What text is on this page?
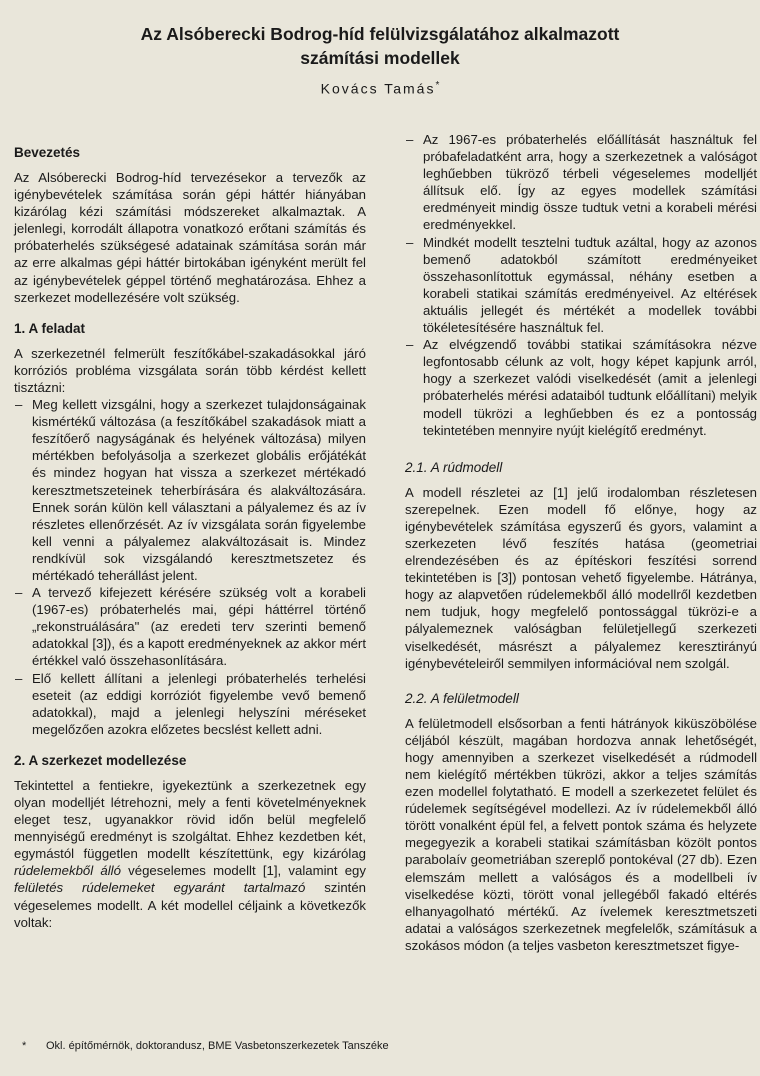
Az Alsóberecki Bodrog-híd felülvizsgálatához alkalmazott
számítási modellek
Kovács Tamás*
Bevezetés

Az Alsóberecki Bodrog-híd tervezésekor a tervezők az igénybevételek számítása során gépi háttér hiányában kizárólag kézi számítási módszereket alkalmaztak. A jelenlegi, korrodált állapotra vonatkozó erőtani számítás és próbaterhelés szükségesé adatainak számítása során már az erre alkalmas gépi háttér birtokában igényként merült fel az igénybevételek géppel történő meghatározása. Ehhez a szerkezet modellezésére volt szükség.

1. A feladat

A szerkezetnél felmerült feszítőkábel-szakadásokkal járó korróziós probléma vizsgálata során több kérdést kellett tisztázni:

– Meg kellett vizsgálni, hogy a szerkezet tulajdonságainak kismértékű változása (a feszítőkábel szakadások miatt a feszítőerő nagyságának és helyének változása) milyen mértékben befolyásolja a szerkezet globális erőjátékát és mindez hogyan hat vissza a szerkezet mértékadó keresztmetszeteinek teherbírására és alakváltozására. Ennek során külön kell választani a pályalemez és az ív részletes ellenőrzését. Az ív vizsgálata során figyelembe kell venni a pályalemez alakváltozásait is. Mindez rendkívül sok vizsgálandó keresztmetszetez és mértékadó teherállást jelent.
– A tervező kifejezett kérésére szükség volt a korabeli (1967-es) próbaterhelés mai, gépi háttérrel történő „rekonstruálására" (az eredeti terv szerinti bemenő adatokkal [3]), és a kapott eredményeknek az akkor mért értékkel való összehasonlítására.
– Elő kellett állítani a jelenlegi próbaterhelés terhelési eseteit (az eddigi korróziót figyelembe vevő bemenő adatokkal), majd a jelenlegi helyszíni méréseket megelőzően azokra előzetes becslést kellett adni.
2. A szerkezet modellezése

Tekintettel a fentiekre, igyekeztünk a szerkezetnek egy olyan modelljét létrehozni, mely a fenti követelményeknek eleget tesz, ugyanakkor rövid időn belül megfelelő mennyiségű eredményt is szolgáltat. Ehhez kezdetben két, egymástól független modellt készítettünk, egy kizárólag rúdelemekből álló végeselemes modellt [1], valamint egy felületés rúdelemeket egyaránt tartalmazó szintén végeselemes modellt. A két modellel céljaink a következők voltak:

– Az 1967-es próbaterhelés előállítását használtuk fel próbafeladatként arra, hogy a szerkezetnek a valóságot leghűebben tükröző térbeli végeselemes modelljét állítsuk elő. Így az egyes modellek számítási eredményeit mindig össze tudtuk vetni a korabeli mérési eredményekkel.
– Mindkét modellt tesztelni tudtuk azáltal, hogy az azonos bemenő adatokból számított eredményeiket összehasonlítottuk egymással, néhány esetben a korabeli statikai számítás eredményeivel. Az eltérések aktuális jellegét és mértékét a modellek további tökéletesítésére használtuk fel.
– Az elvégzendő további statikai számításokra nézve legfontosabb célunk az volt, hogy képet kapjunk arról, hogy a szerkezet valódi viselkedését (amit a jelenlegi próbaterhelés mérési adataiból tudtunk előállítani) melyik modell tükrözi a leghűebben és ez a pontosság tekintetében mennyire nyújt kielégítő eredményt.
2.1. A rúdmodell

A modell részletei az [1] jelű irodalomban részletesen szerepelnek. Ezen modell fő előnye, hogy az igénybevételek számítása egyszerű és gyors, valamint a szerkezeten lévő feszítés hatása (geometriai elrendezésében és az építéskori feszítési sorrend tekintetében is [3]) pontosan vehető figyelembe. Hátránya, hogy az alapvetően rúdelemekből álló modellről kezdetben nem tudjuk, hogy megfelelő pontossággal tükrözi-e a pályalemeznek valóságban felületjellegű szerkezeti viselkedését, másrészt a pályalemez keresztirányú igénybevételeiről semmilyen információval nem szolgál.

2.2. A felületmodell

A felületmodell elsősorban a fenti hátrányok kiküszöbölése céljából készült, magában hordozva annak lehetőségét, hogy amennyiben a szerkezet viselkedését a rúdmodell nem kielégítő mértékben tükrözi, akkor a teljes számítás ezen modellel folytatható. E modell a szerkezetet felület és rúdelemek segítségével modellezi. Az ív rúdelemekből álló törött vonalként épül fel, a felvett pontok száma és helyzete megegyezik a korabeli statikai számításban közölt pontos parabolaív geometriában szereplő pontokéval (27 db). Ezen elemszám mellett a valóságos és a modellbeli ív viselkedése közti, törött vonal jellegéből fakadó eltérés elhanyagolható mértékű. Az ívelemek keresztmetszeti adatai a valóságos szerkezetnek megfelelők, számításuk a szokásos módon (a teljes vasbeton keresztmetszet figye-

* Okl. építőmérnök, doktorandusz, BME Vasbetonszerkezetek Tanszéke
